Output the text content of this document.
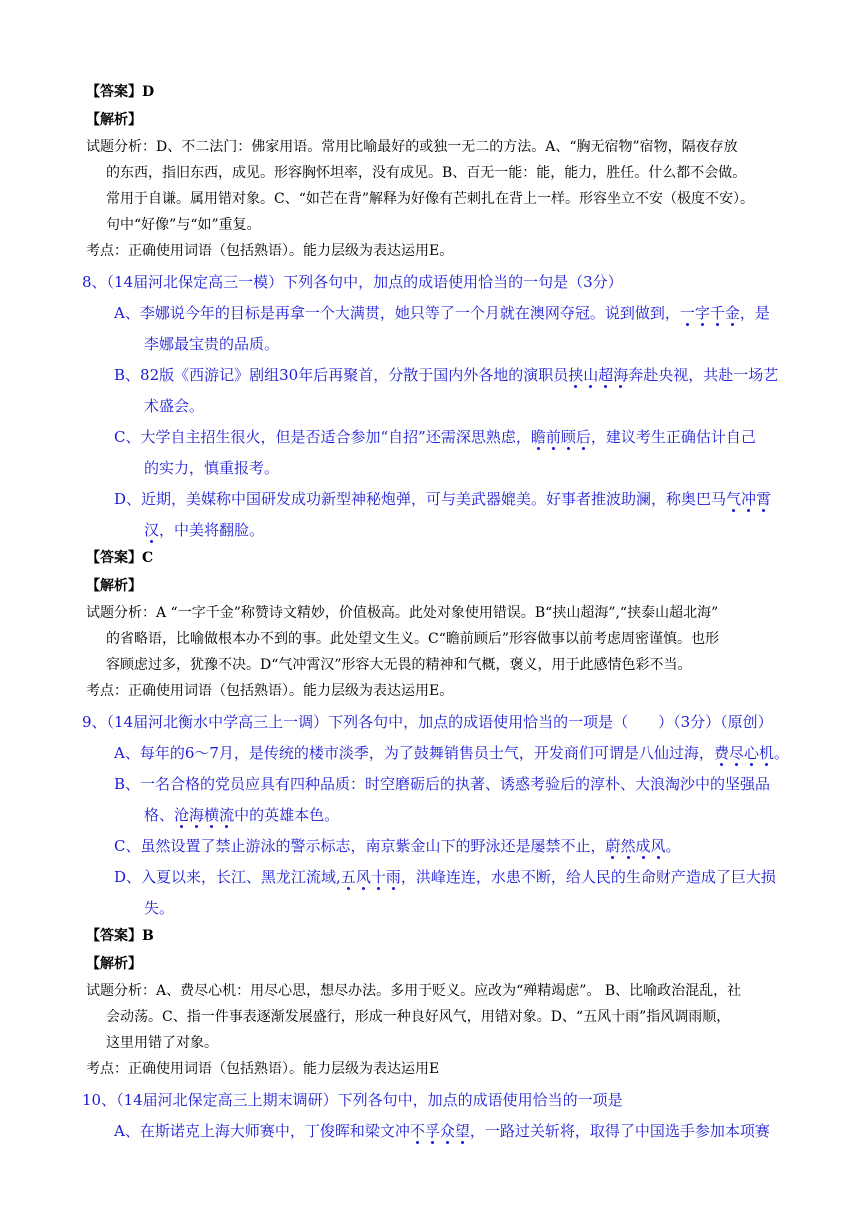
【答案】D
【解析】
试题分析：D、不二法门：佛家用语。常用比喻最好的或独一无二的方法。A、“胸无宿物”宿物，隔夜存放
的东西，指旧东西，成见。形容胸怀坦率，没有成见。B、百无一能：能，能力，胜任。什么都不会做。
常用于自谦。属用错对象。C、“如芒在背”解释为好像有芒刺扎在背上一样。形容坐立不安（极度不安）。
句中“好像”与“如”重复。
考点：正确使用词语（包括熟语）。能力层级为表达运用E。
8、（14届河北保定高三一模）下列各句中，加点的成语使用恰当的一句是（3分）
A、李娜说今年的目标是再拿一个大满贯，她只等了一个月就在澳网夺冠。说到做到，一字千金，是
李娜最宝贵的品质。
B、82版《西游记》剧组30年后再聚首，分散于国内外各地的演职员挟山超海奔赴央视，共赴一场艺
术盛会。
C、大学自主招生很火，但是否适合参加“自招”还需深思熟虑，瞻前顾后，建议考生正确估计自己
的实力，慎重报考。
D、近期，美媒称中国研发成功新型神秘炮弹，可与美武器媲美。好事者推波助澜，称奥巴马气冲霄
汉，中美将翻脸。
【答案】C
【解析】
试题分析：A “一字千金”称赞诗文精妙，价值极高。此处对象使用错误。B“挟山超海”,“挟泰山超北海”
的省略语，比喻做根本办不到的事。此处望文生义。C“瞻前顾后”形容做事以前考虑周密谨慎。也形
容顾虑过多，犹豫不决。D“气冲霄汉”形容大无畏的精神和气概，褒义，用于此感情色彩不当。
考点：正确使用词语（包括熟语）。能力层级为表达运用E。
9、（14届河北衡水中学高三上一调）下列各句中，加点的成语使用恰当的一项是（　　）（3分）（原创）
A、每年的6～7月，是传统的楼市淡季，为了鼓舞销售员士气，开发商们可谓是八仙过海，费尽心机。
B、一名合格的党员应具有四种品质：时空磨砺后的执著、诱惑考验后的淳朴、大浪淘沙中的坚强品
格、沧海横流中的英雄本色。
C、虽然设置了禁止游泳的警示标志，南京紫金山下的野泳还是屡禁不止，蔚然成风。
D、入夏以来，长江、黑龙江流域,五风十雨，洪峰连连，水患不断，给人民的生命财产造成了巨大损
失。
【答案】B
【解析】
试题分析：A、费尽心机：用尽心思，想尽办法。多用于贬义。应改为“殚精竭虑”。 B、比喻政治混乱，社
会动荡。C、指一件事表逐渐发展盛行，形成一种良好风气，用错对象。D、“五风十雨”指风调雨顺，
这里用错了对象。
考点：正确使用词语（包括熟语）。能力层级为表达运用E
10、（14届河北保定高三上期末调研）下列各句中，加点的成语使用恰当的一项是
A、在斯诺克上海大师赛中，丁俊晖和梁文冲不孚众望，一路过关斩将，取得了中国选手参加本项赛
